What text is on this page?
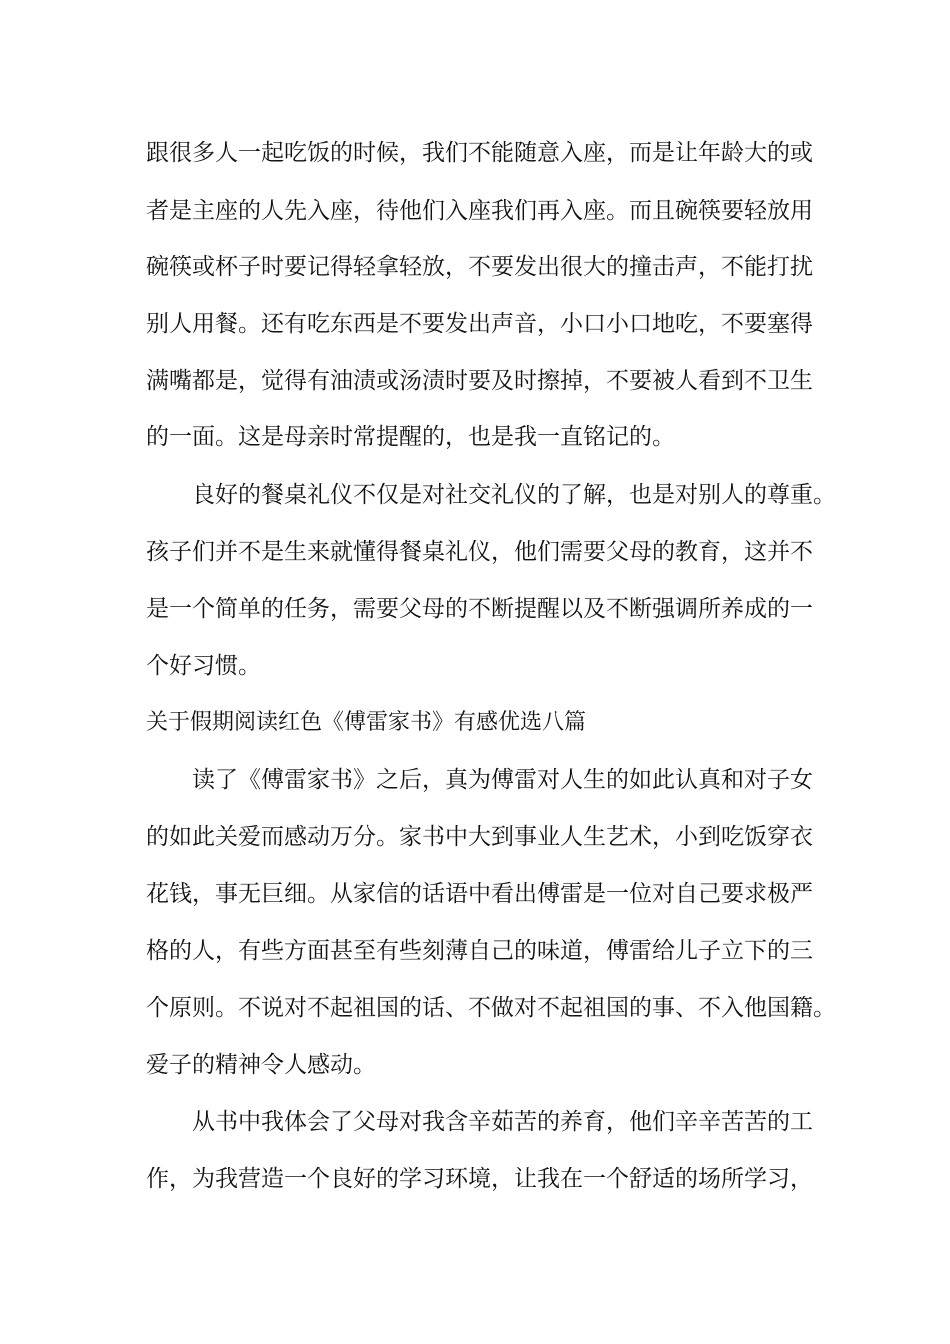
跟很多人一起吃饭的时候，我们不能随意入座，而是让年龄大的或
者是主座的人先入座，待他们入座我们再入座。而且碗筷要轻放用
碗筷或杯子时要记得轻拿轻放，不要发出很大的撞击声，不能打扰
别人用餐。还有吃东西是不要发出声音，小口小口地吃，不要塞得
满嘴都是，觉得有油渍或汤渍时要及时擦掉，不要被人看到不卫生
的一面。这是母亲时常提醒的，也是我一直铭记的。
良好的餐桌礼仪不仅是对社交礼仪的了解，也是对别人的尊重。
孩子们并不是生来就懂得餐桌礼仪，他们需要父母的教育，这并不
是一个简单的任务，需要父母的不断提醒以及不断强调所养成的一
个好习惯。
关于假期阅读红色《傅雷家书》有感优选八篇
读了《傅雷家书》之后，真为傅雷对人生的如此认真和对子女
的如此关爱而感动万分。家书中大到事业人生艺术，小到吃饭穿衣
花钱，事无巨细。从家信的话语中看出傅雷是一位对自己要求极严
格的人，有些方面甚至有些刻薄自己的味道，傅雷给儿子立下的三
个原则。不说对不起祖国的话、不做对不起祖国的事、不入他国籍。
爱子的精神令人感动。
从书中我体会了父母对我含辛茹苦的养育，他们辛辛苦苦的工
作，为我营造一个良好的学习环境，让我在一个舒适的场所学习，
